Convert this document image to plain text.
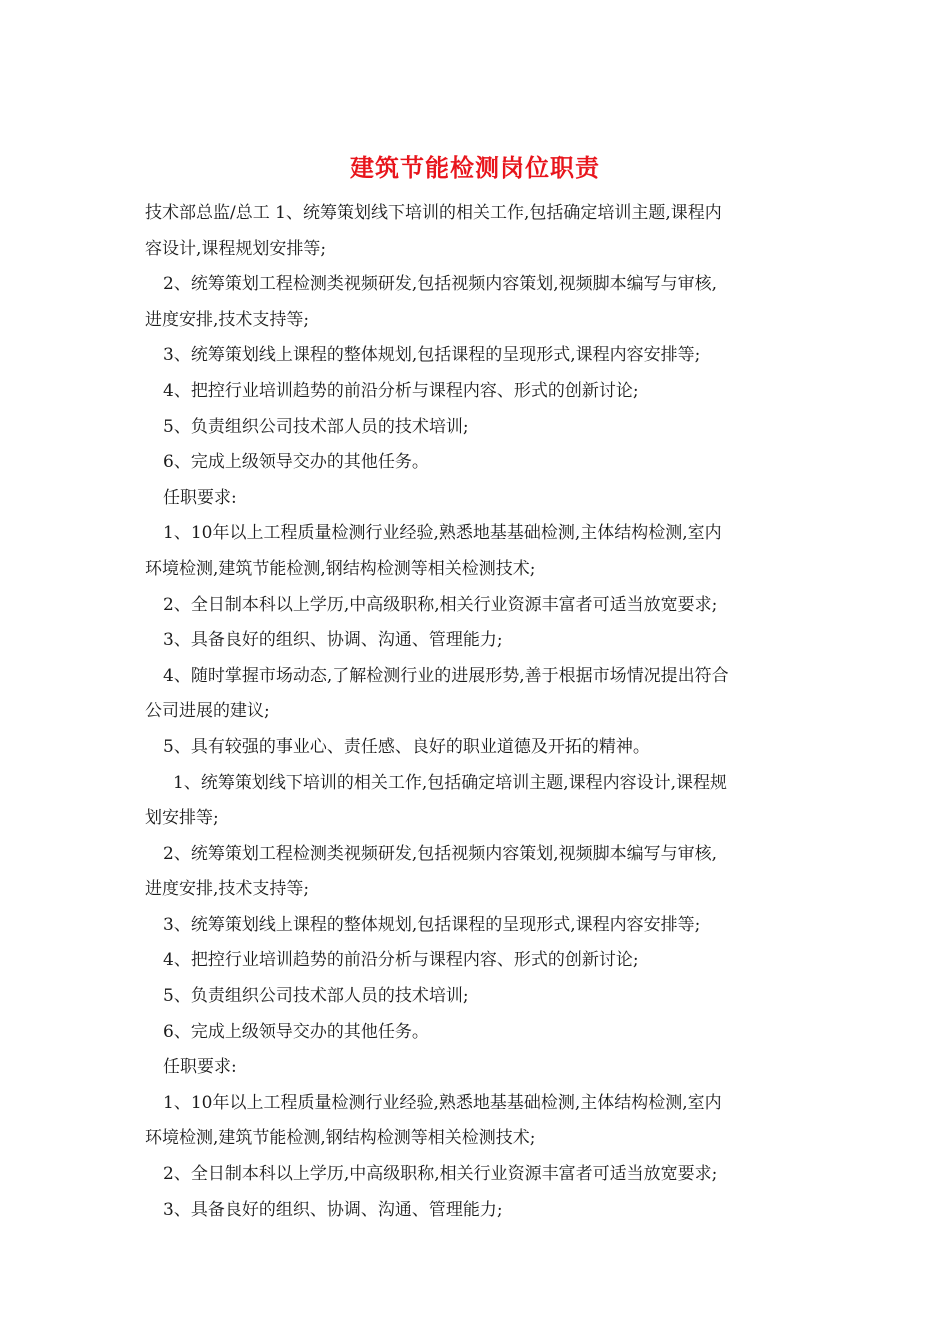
建筑节能检测岗位职责
技术部总监/总工 1、统筹策划线下培训的相关工作,包括确定培训主题,课程内
容设计,课程规划安排等;
2、统筹策划工程检测类视频研发,包括视频内容策划,视频脚本编写与审核,
进度安排,技术支持等;
3、统筹策划线上课程的整体规划,包括课程的呈现形式,课程内容安排等;
4、把控行业培训趋势的前沿分析与课程内容、形式的创新讨论;
5、负责组织公司技术部人员的技术培训;
6、完成上级领导交办的其他任务。
任职要求:
1、10年以上工程质量检测行业经验,熟悉地基基础检测,主体结构检测,室内
环境检测,建筑节能检测,钢结构检测等相关检测技术;
2、全日制本科以上学历,中高级职称,相关行业资源丰富者可适当放宽要求;
3、具备良好的组织、协调、沟通、管理能力;
4、随时掌握市场动态,了解检测行业的进展形势,善于根据市场情况提出符合
公司进展的建议;
5、具有较强的事业心、责任感、良好的职业道德及开拓的精神。
1、统筹策划线下培训的相关工作,包括确定培训主题,课程内容设计,课程规
划安排等;
2、统筹策划工程检测类视频研发,包括视频内容策划,视频脚本编写与审核,
进度安排,技术支持等;
3、统筹策划线上课程的整体规划,包括课程的呈现形式,课程内容安排等;
4、把控行业培训趋势的前沿分析与课程内容、形式的创新讨论;
5、负责组织公司技术部人员的技术培训;
6、完成上级领导交办的其他任务。
任职要求:
1、10年以上工程质量检测行业经验,熟悉地基基础检测,主体结构检测,室内
环境检测,建筑节能检测,钢结构检测等相关检测技术;
2、全日制本科以上学历,中高级职称,相关行业资源丰富者可适当放宽要求;
3、具备良好的组织、协调、沟通、管理能力;
